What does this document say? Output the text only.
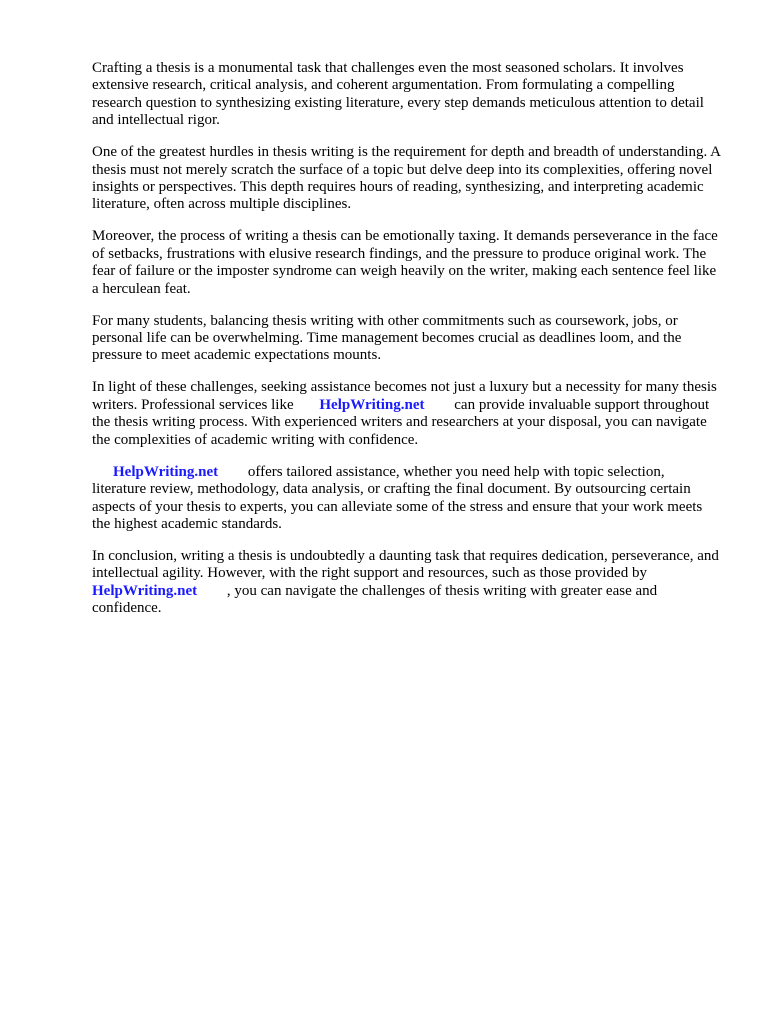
Crafting a thesis is a monumental task that challenges even the most seasoned scholars. It involves extensive research, critical analysis, and coherent argumentation. From formulating a compelling research question to synthesizing existing literature, every step demands meticulous attention to detail and intellectual rigor.

One of the greatest hurdles in thesis writing is the requirement for depth and breadth of understanding. A thesis must not merely scratch the surface of a topic but delve deep into its complexities, offering novel insights or perspectives. This depth requires hours of reading, synthesizing, and interpreting academic literature, often across multiple disciplines.

Moreover, the process of writing a thesis can be emotionally taxing. It demands perseverance in the face of setbacks, frustrations with elusive research findings, and the pressure to produce original work. The fear of failure or the imposter syndrome can weigh heavily on the writer, making each sentence feel like a herculean feat.

For many students, balancing thesis writing with other commitments such as coursework, jobs, or personal life can be overwhelming. Time management becomes crucial as deadlines loom, and the pressure to meet academic expectations mounts.

In light of these challenges, seeking assistance becomes not just a luxury but a necessity for many thesis writers. Professional services like HelpWriting.net can provide invaluable support throughout the thesis writing process. With experienced writers and researchers at your disposal, you can navigate the complexities of academic writing with confidence.

HelpWriting.net offers tailored assistance, whether you need help with topic selection, literature review, methodology, data analysis, or crafting the final document. By outsourcing certain aspects of your thesis to experts, you can alleviate some of the stress and ensure that your work meets the highest academic standards.

In conclusion, writing a thesis is undoubtedly a daunting task that requires dedication, perseverance, and intellectual agility. However, with the right support and resources, such as those provided by HelpWriting.net , you can navigate the challenges of thesis writing with greater ease and confidence.
